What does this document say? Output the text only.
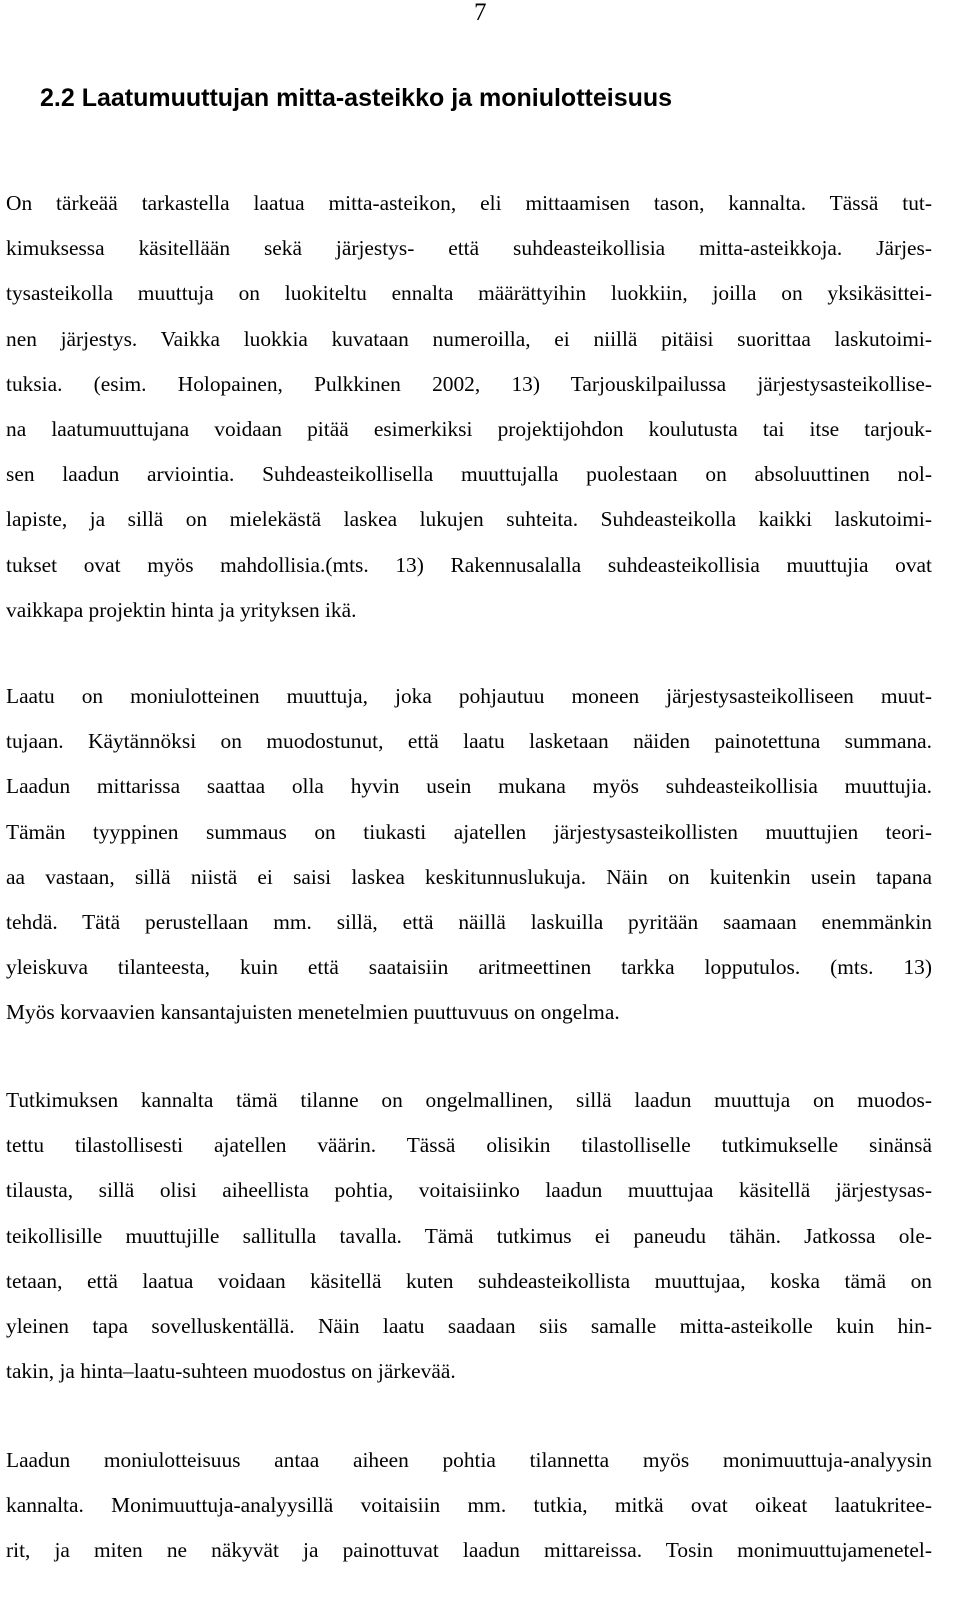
7
2.2 Laatumuuttujan mitta-asteikko ja moniulotteisuus
On tärkeää tarkastella laatua mitta-asteikon, eli mittaamisen tason, kannalta. Tässä tut-
kimuksessa käsitellään sekä järjestys- että suhdeasteikollisia mitta-asteikkoja. Järjes-
tysasteikolla muuttuja on luokiteltu ennalta määrättyihin luokkiin, joilla on yksikäsittei-
nen järjestys. Vaikka luokkia kuvataan numeroilla, ei niillä pitäisi suorittaa laskutoimi-
tuksia. (esim. Holopainen, Pulkkinen 2002, 13) Tarjouskilpailussa järjestysasteikollise-
na laatumuuttujana voidaan pitää esimerkiksi projektijohdon koulutusta tai itse tarjouk-
sen laadun arviointia. Suhdeasteikollisella muuttujalla puolestaan on absoluuttinen nol-
lapiste, ja sillä on mielekästä laskea lukujen suhteita. Suhdeasteikolla kaikki laskutoimi-
tukset ovat myös mahdollisia.(mts. 13) Rakennusalalla suhdeasteikollisia muuttujia ovat
vaikkapa projektin hinta ja yrityksen ikä.
Laatu on moniulotteinen muuttuja, joka pohjautuu moneen järjestysasteikolliseen muut-
tujaan. Käytännöksi on muodostunut, että laatu lasketaan näiden painotettuna summana.
Laadun mittarissa saattaa olla hyvin usein mukana myös suhdeasteikollisia muuttujia.
Tämän tyyppinen summaus on tiukasti ajatellen järjestysasteikollisten muuttujien teori-
aa vastaan, sillä niistä ei saisi laskea keskitunnuslukuja. Näin on kuitenkin usein tapana
tehdä. Tätä perustellaan mm. sillä, että näillä laskuilla pyritään saamaan enemmänkin
yleiskuva tilanteesta, kuin että saataisiin aritmeettinen tarkka lopputulos. (mts. 13)
Myös korvaavien kansantajuisten menetelmien puuttuvuus on ongelma.
Tutkimuksen kannalta tämä tilanne on ongelmallinen, sillä laadun muuttuja on muodos-
tettu tilastollisesti ajatellen väärin. Tässä olisikin tilastolliselle tutkimukselle sinänsä
tilausta, sillä olisi aiheellista pohtia, voitaisiinko laadun muuttujaa käsitellä järjestysas-
teikollisille muuttujille sallitulla tavalla. Tämä tutkimus ei paneudu tähän. Jatkossa ole-
tetaan, että laatua voidaan käsitellä kuten suhdeasteikollista muuttujaa, koska tämä on
yleinen tapa sovelluskentällä. Näin laatu saadaan siis samalle mitta-asteikolle kuin hin-
takin, ja hinta–laatu-suhteen muodostus on järkevää.
Laadun moniulotteisuus antaa aiheen pohtia tilannetta myös monimuuttuja-analyysin
kannalta. Monimuuttuja-analyysillä voitaisiin mm. tutkia, mitkä ovat oikeat laatukritee-
rit, ja miten ne näkyvät ja painottuvat laadun mittareissa. Tosin monimuuttujamenetel-
